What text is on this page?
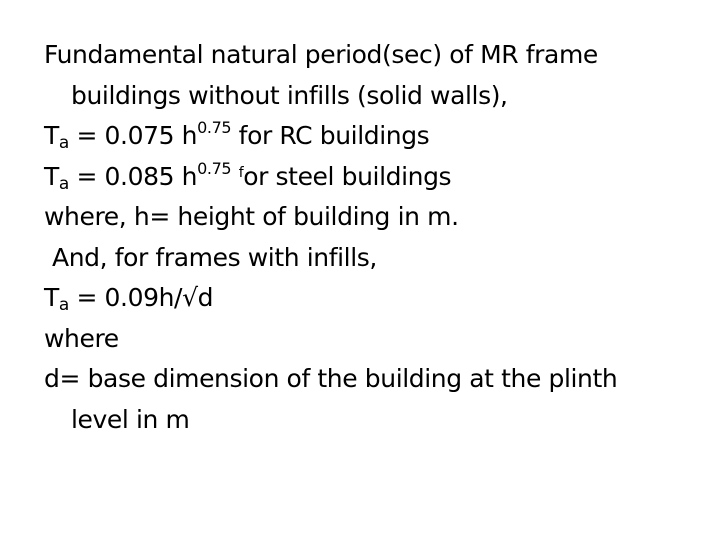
Fundamental natural period(sec) of MR frame
buildings without infills (solid walls),
$T_a = 0.075$ $h^{0.75}$ for RC buildings
$T_a = 0.085$ $h^{0.75}$ $^f$or steel buildings
where, h= height of building in m.
And, for frames with infills,
$T_a = 0.09h/√d$
where
d= base dimension of the building at the plinth
level in m
